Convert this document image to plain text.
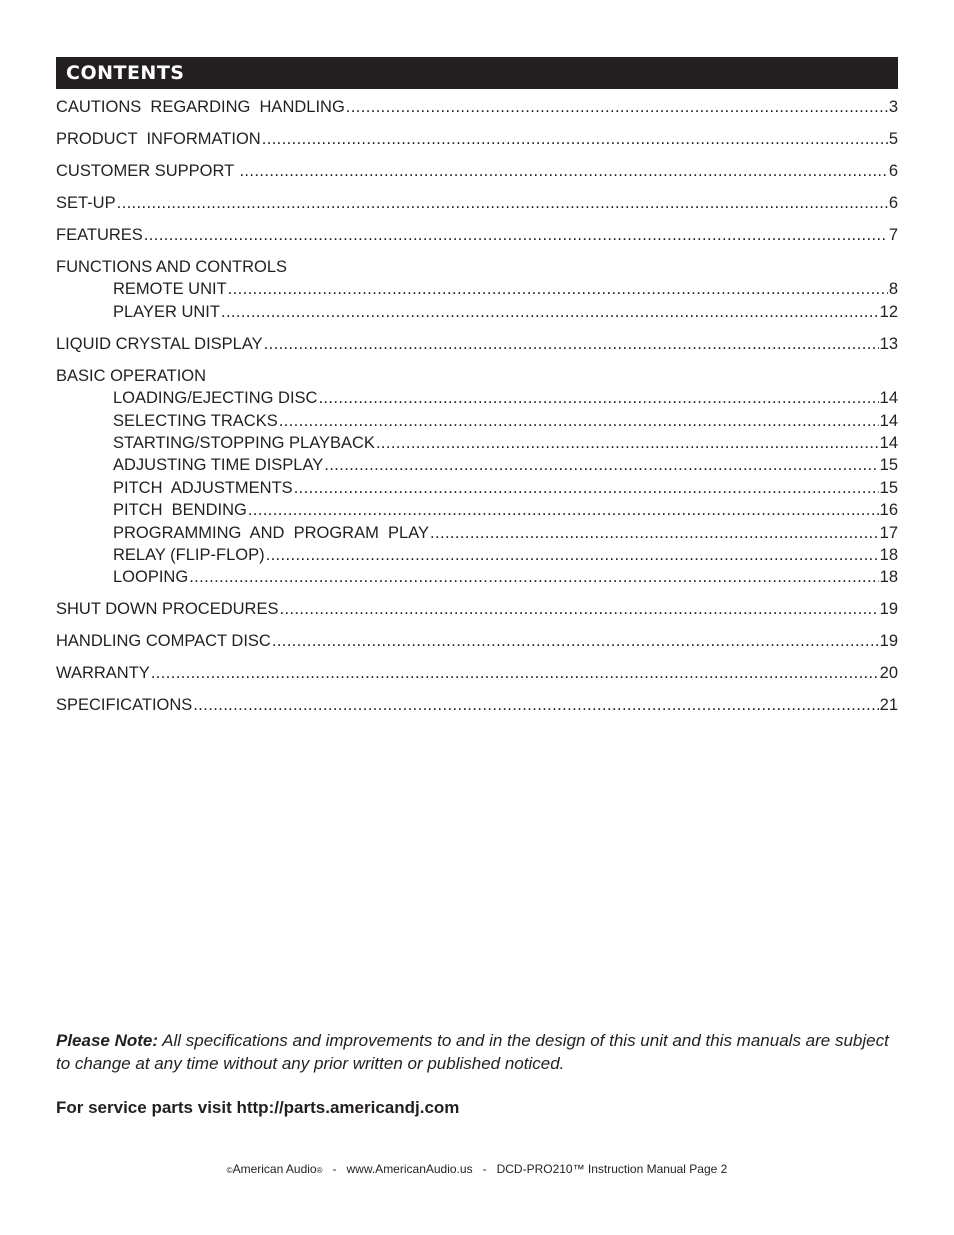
CONTENTS
CAUTIONS  REGARDING  HANDLING .....	3
PRODUCT  INFORMATION .....	5
CUSTOMER SUPPORT .....	6
SET-UP .....	6
FEATURES .....	7
FUNCTIONS AND CONTROLS
REMOTE UNIT .....	8
PLAYER UNIT .....	12
LIQUID CRYSTAL DISPLAY .....	13
BASIC OPERATION
LOADING/EJECTING DISC .....	14
SELECTING TRACKS .....	14
STARTING/STOPPING PLAYBACK .....	14
ADJUSTING TIME DISPLAY .....	15
PITCH  ADJUSTMENTS .....	15
PITCH  BENDING .....	16
PROGRAMMING  AND  PROGRAM  PLAY .....	17
RELAY (FLIP-FLOP) .....	18
LOOPING .....	18
SHUT DOWN PROCEDURES .....	19
HANDLING COMPACT DISC .....	19
WARRANTY .....	20
SPECIFICATIONS .....	21
Please Note: All specifications and improvements to and in the design of this unit and this manuals are subject to change at any time without any prior written or published noticed.
For service parts visit http://parts.americandj.com
©American Audio®   -   www.AmericanAudio.us   -   DCD-PRO210™ Instruction Manual Page 2
